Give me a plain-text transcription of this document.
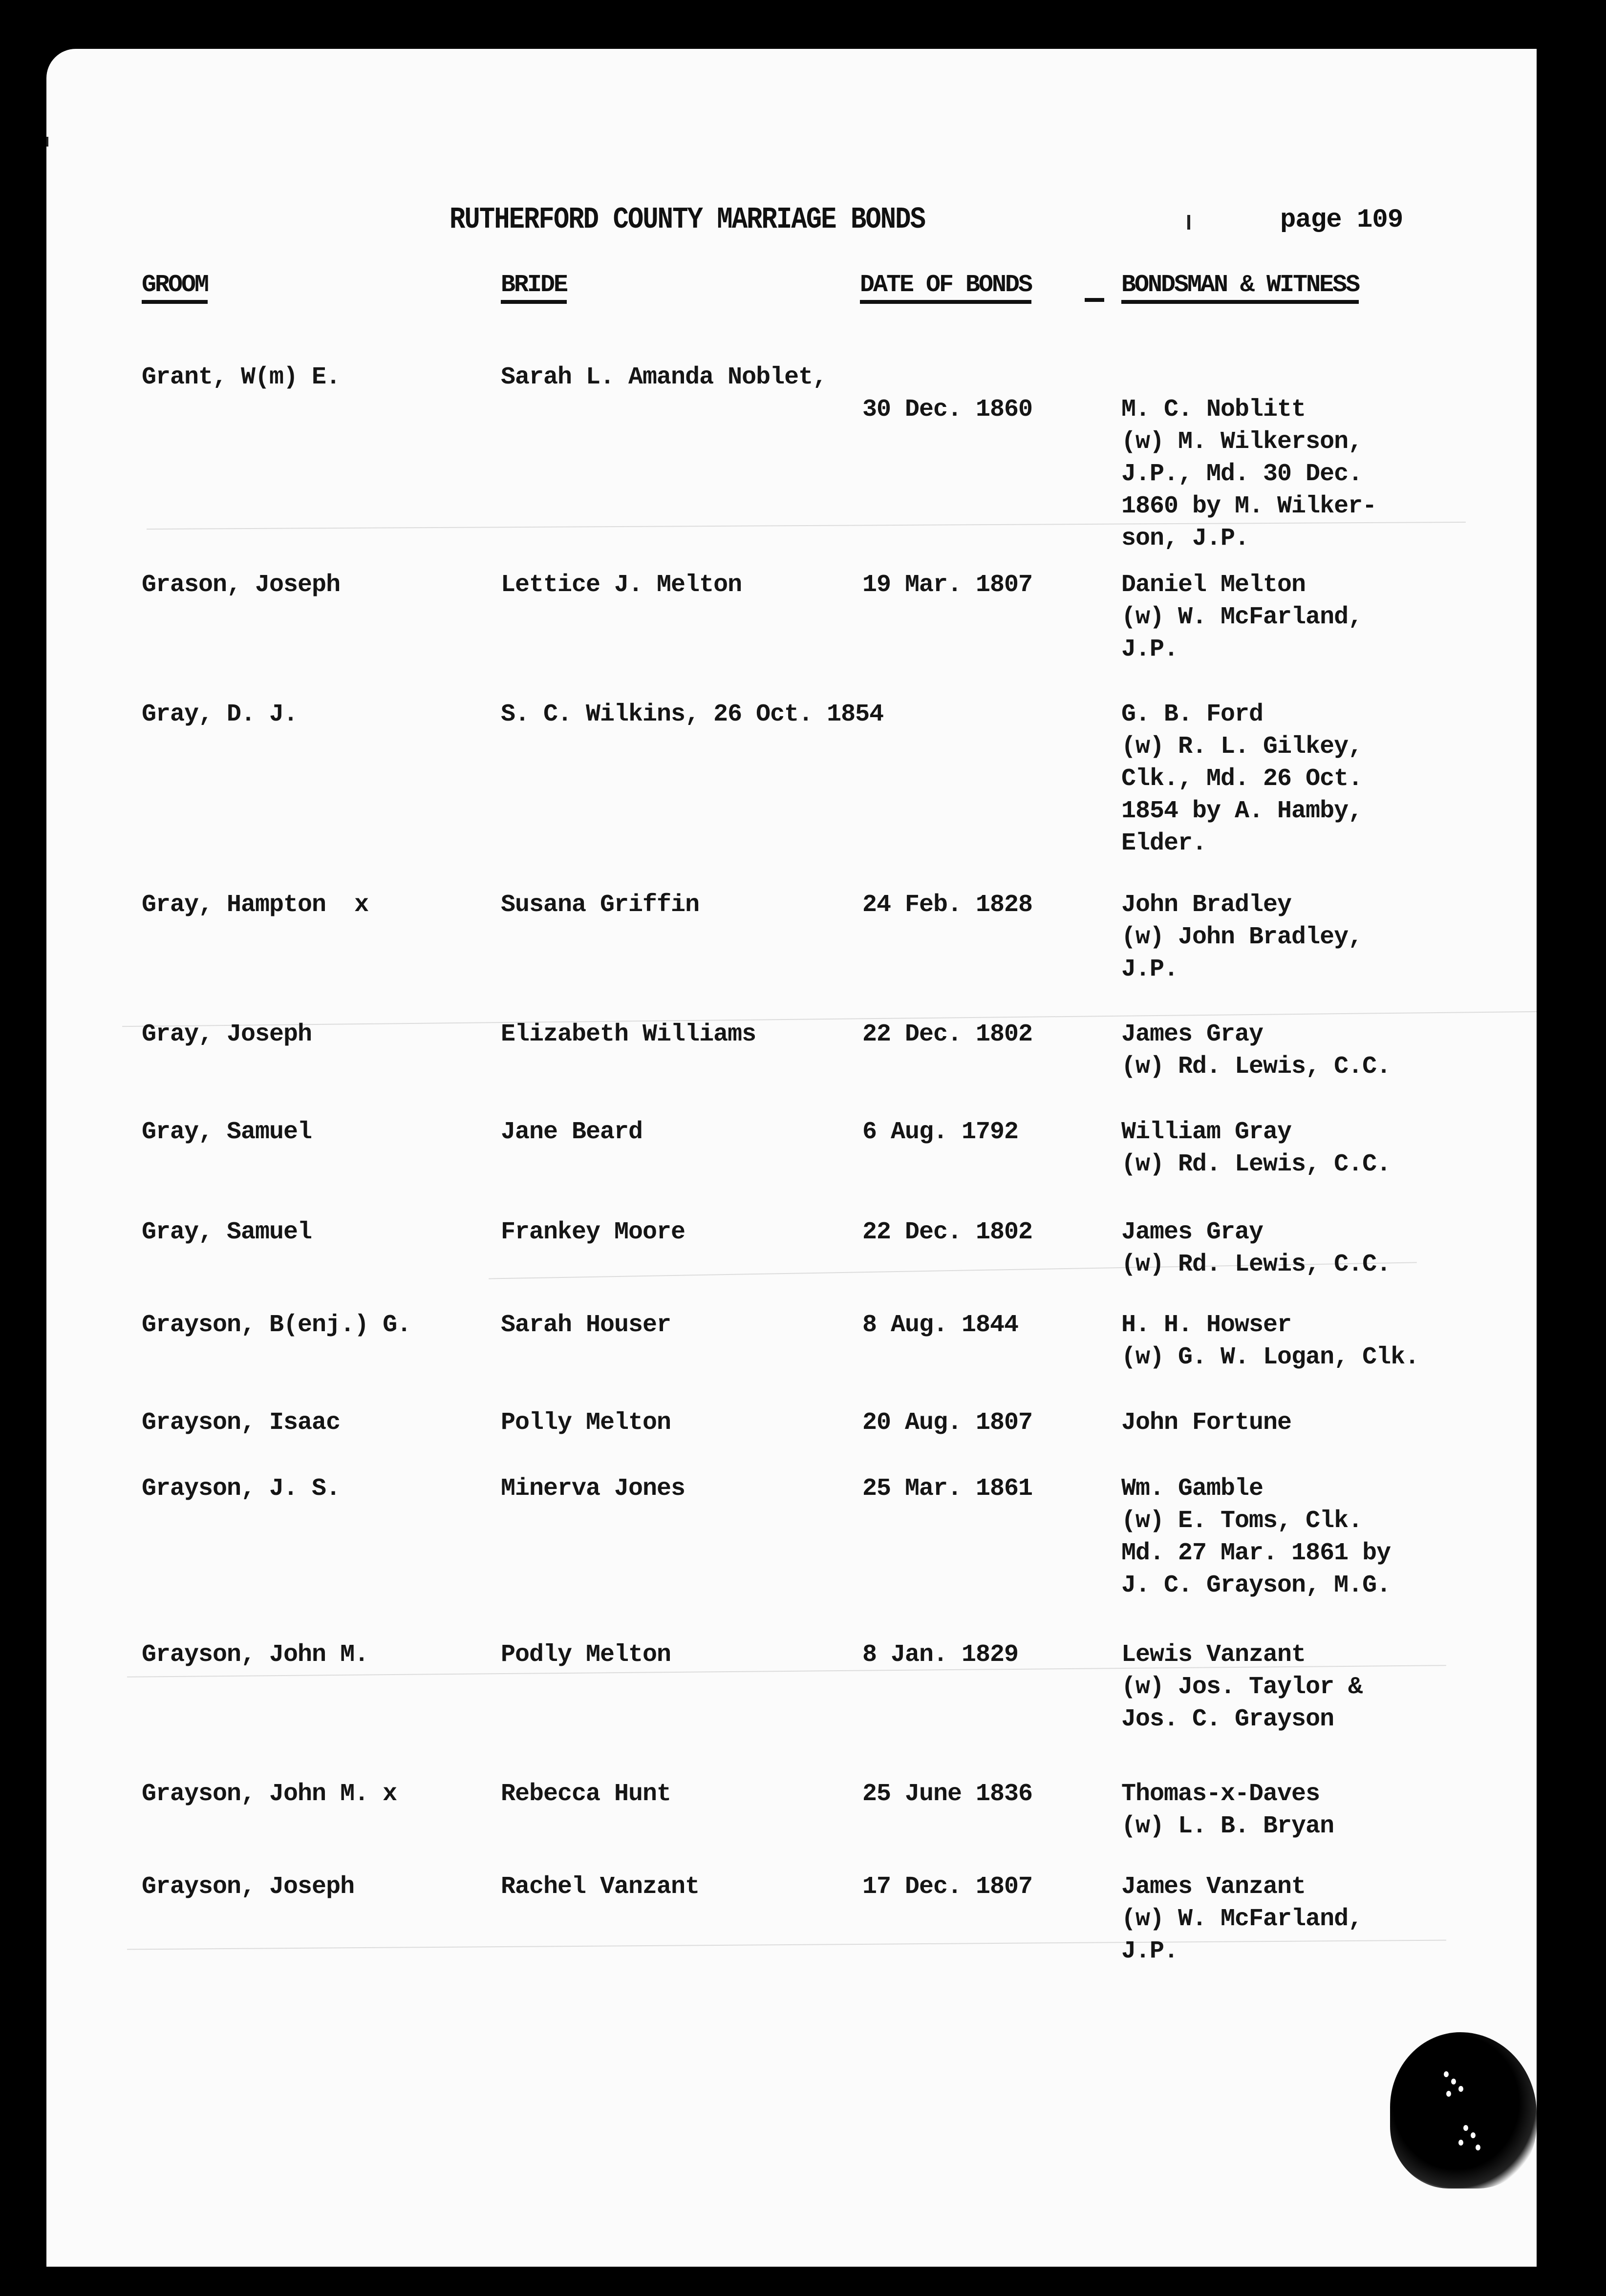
RUTHERFORD COUNTY MARRIAGE BONDS	page 109
GROOM	BRIDE	DATE OF BONDS	BONDSMAN & WITNESS
Grant, W(m) E.	Sarah L. Amanda Noblet,
30 Dec. 1860	M. C. Noblitt
(w) M. Wilkerson,
J.P., Md. 30 Dec.
1860 by M. Wilker-
son, J.P.
Grason, Joseph	Lettice J. Melton	19 Mar. 1807	Daniel Melton
(w) W. McFarland,
J.P.
Gray, D. J.	S. C. Wilkins, 26 Oct. 1854	G. B. Ford
(w) R. L. Gilkey,
Clk., Md. 26 Oct.
1854 by A. Hamby,
Elder.
Gray, Hampton  x	Susana Griffin	24 Feb. 1828	John Bradley
(w) John Bradley,
J.P.
Gray, Joseph	Elizabeth Williams	22 Dec. 1802	James Gray
(w) Rd. Lewis, C.C.
Gray, Samuel	Jane Beard	6 Aug. 1792	William Gray
(w) Rd. Lewis, C.C.
Gray, Samuel	Frankey Moore	22 Dec. 1802	James Gray
(w) Rd. Lewis, C.C.
Grayson, B(enj.) G.	Sarah Houser	8 Aug. 1844	H. H. Howser
(w) G. W. Logan, Clk.
Grayson, Isaac	Polly Melton	20 Aug. 1807	John Fortune
Grayson, J. S.	Minerva Jones	25 Mar. 1861	Wm. Gamble
(w) E. Toms, Clk.
Md. 27 Mar. 1861 by
J. C. Grayson, M.G.
Grayson, John M.	Podly Melton	8 Jan. 1829	Lewis Vanzant
(w) Jos. Taylor &
Jos. C. Grayson
Grayson, John M. x	Rebecca Hunt	25 June 1836	Thomas-x-Daves
(w) L. B. Bryan
Grayson, Joseph	Rachel Vanzant	17 Dec. 1807	James Vanzant
(w) W. McFarland,
J.P.
